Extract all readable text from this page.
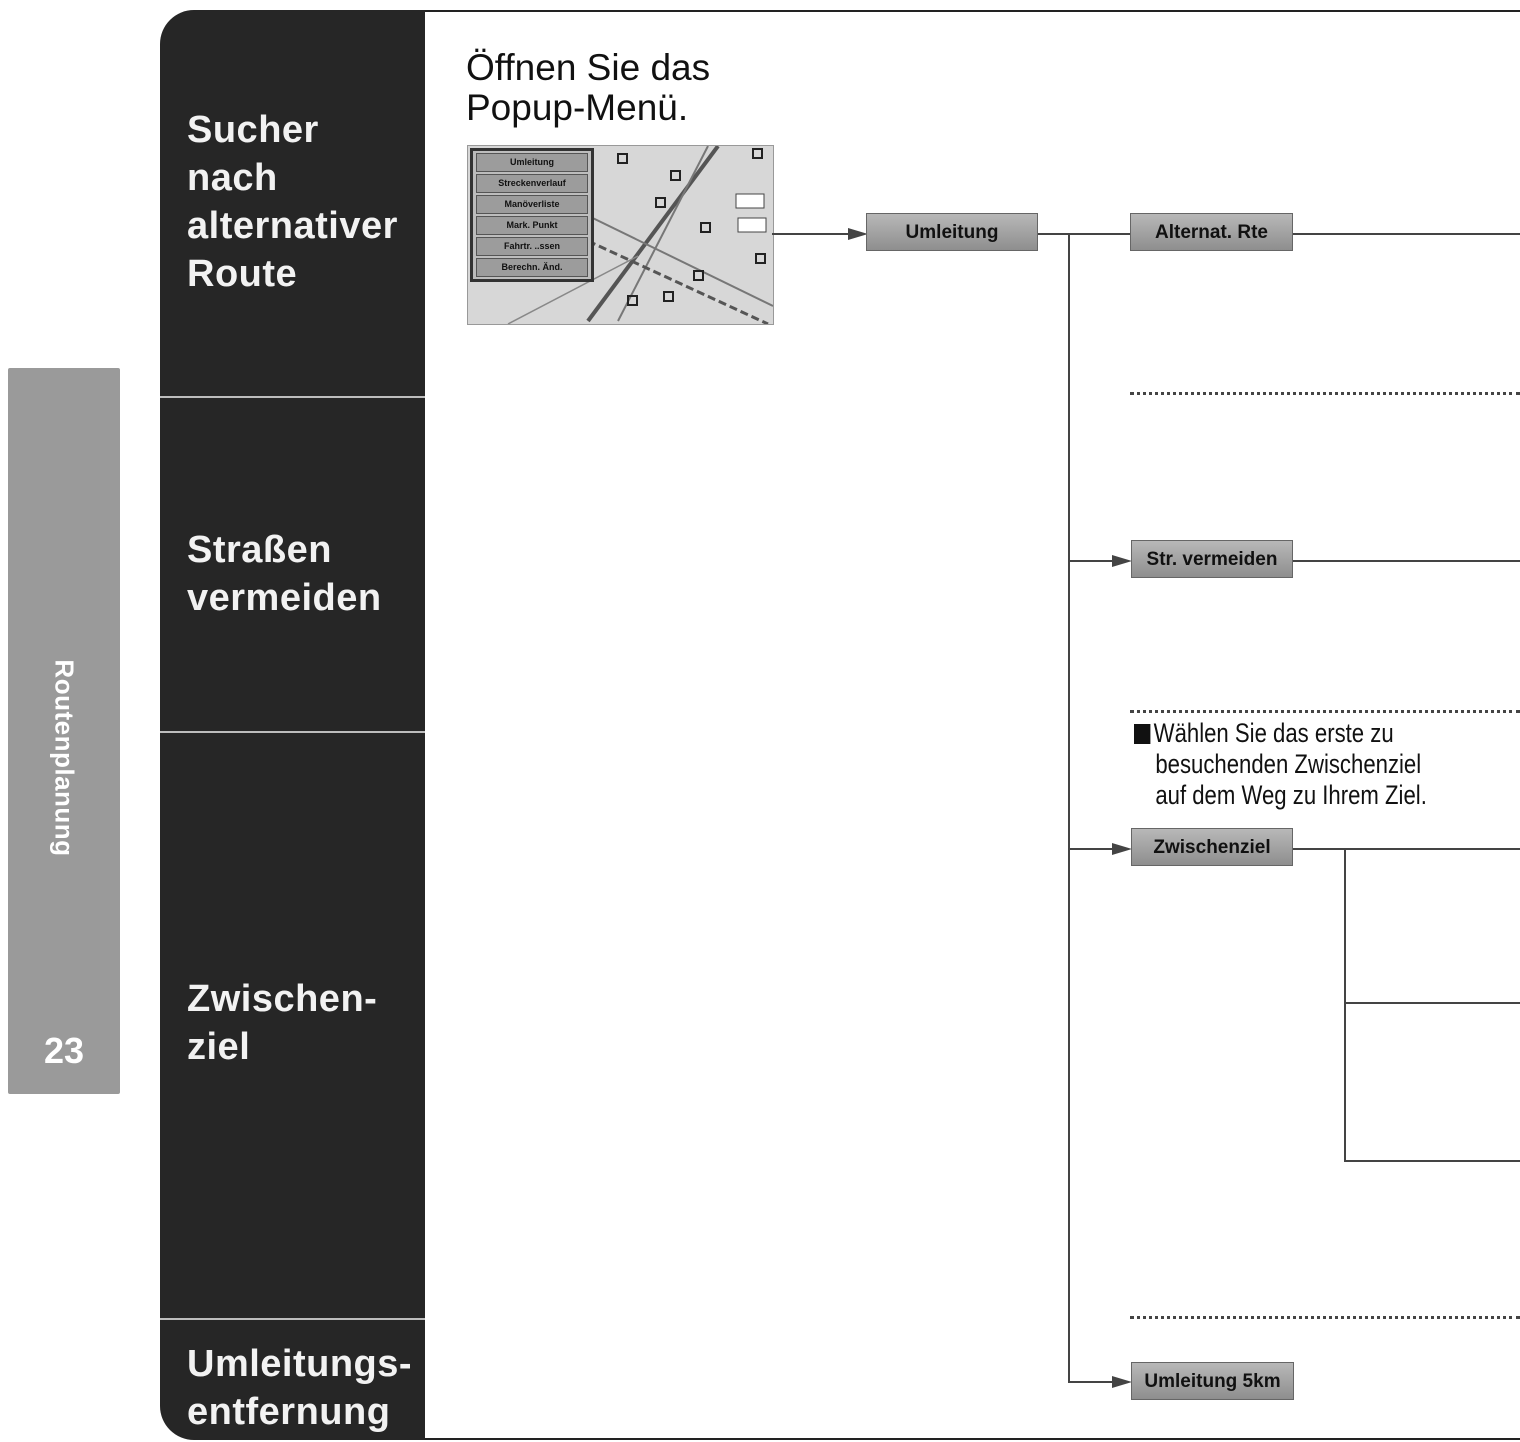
Routenplanung
23
Sucher
nach
alternativer
Route
Straßen
vermeiden
Zwischen-
ziel
Umleitungs-
entfernung
Öffnen Sie das
Popup-Menü.
Umleitung
Streckenverlauf
Manöverliste
Mark. Punkt
Fahrtr. ..ssen
Berechn. Änd.
Umleitung	Alternat. Rte
Str. vermeiden
Wählen Sie das erste zu
besuchenden Zwischenziel
auf dem Weg zu Ihrem Ziel.
Zwischenziel
Umleitung 5km
